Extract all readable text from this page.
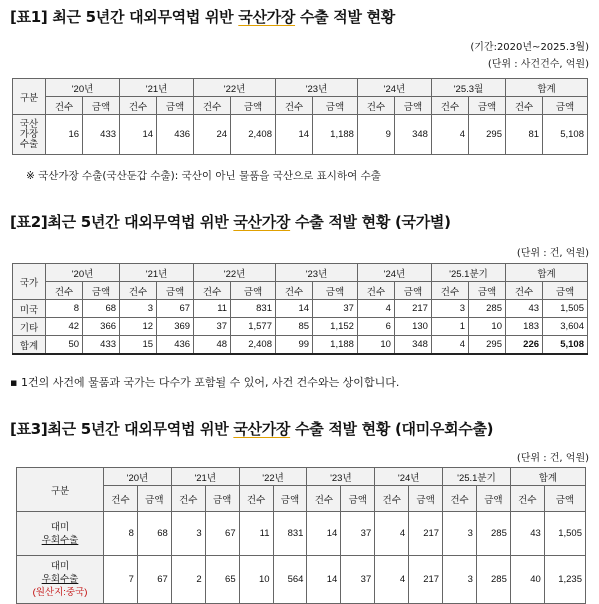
[표1] 최근 5년간 대외무역법 위반 국산가장 수출 적발 현황
(기간:2020년~2025.3월)
(단위 : 사건건수, 억원)
구분	'20년		'21년		'22년		'23년		'24년		'25.3월		합계	
	건수	금액	건수	금액	건수	금액	건수	금액	건수	금액	건수	금액	건수	금액
국산 가장 수출	16	433	14	436	24	2,408	14	1,188	9	348	4	295	81	5,108
※ 국산가장 수출(국산둔갑 수출): 국산이 아닌 물품을 국산으로 표시하여 수출
[표2]최근 5년간 대외무역법 위반 국산가장 수출 적발 현황 (국가별)
(단위 : 건, 억원)
국가	'20년		'21년		'22년		'23년		'24년		'25.1분기		합계	
	건수	금액	건수	금액	건수	금액	건수	금액	건수	금액	건수	금액	건수	금액
미국	8	68	3	67	11	831	14	37	4	217	3	285	43	1,505
기타	42	366	12	369	37	1,577	85	1,152	6	130	1	10	183	3,604
합계	50	433	15	436	48	2,408	99	1,188	10	348	4	295	226	5,108
▪ 1건의 사건에 물품과 국가는 다수가 포함될 수 있어, 사건 건수와는 상이합니다.
[표3]최근 5년간 대외무역법 위반 국산가장 수출 적발 현황 (대미우회수출)
(단위 : 건, 억원)
구분	'20년		'21년		'22년		'23년		'24년		'25.1분기		합계	
	건수	금액	건수	금액	건수	금액	건수	금액	건수	금액	건수	금액	건수	금액

대미
우회수출	8	68	3	67	11	831	14	37	4	217	3	285	43	1,505

대미
우회수출
(원산지:중국)	7	67	2	65	10	564	14	37	4	217	3	285	40	1,235
